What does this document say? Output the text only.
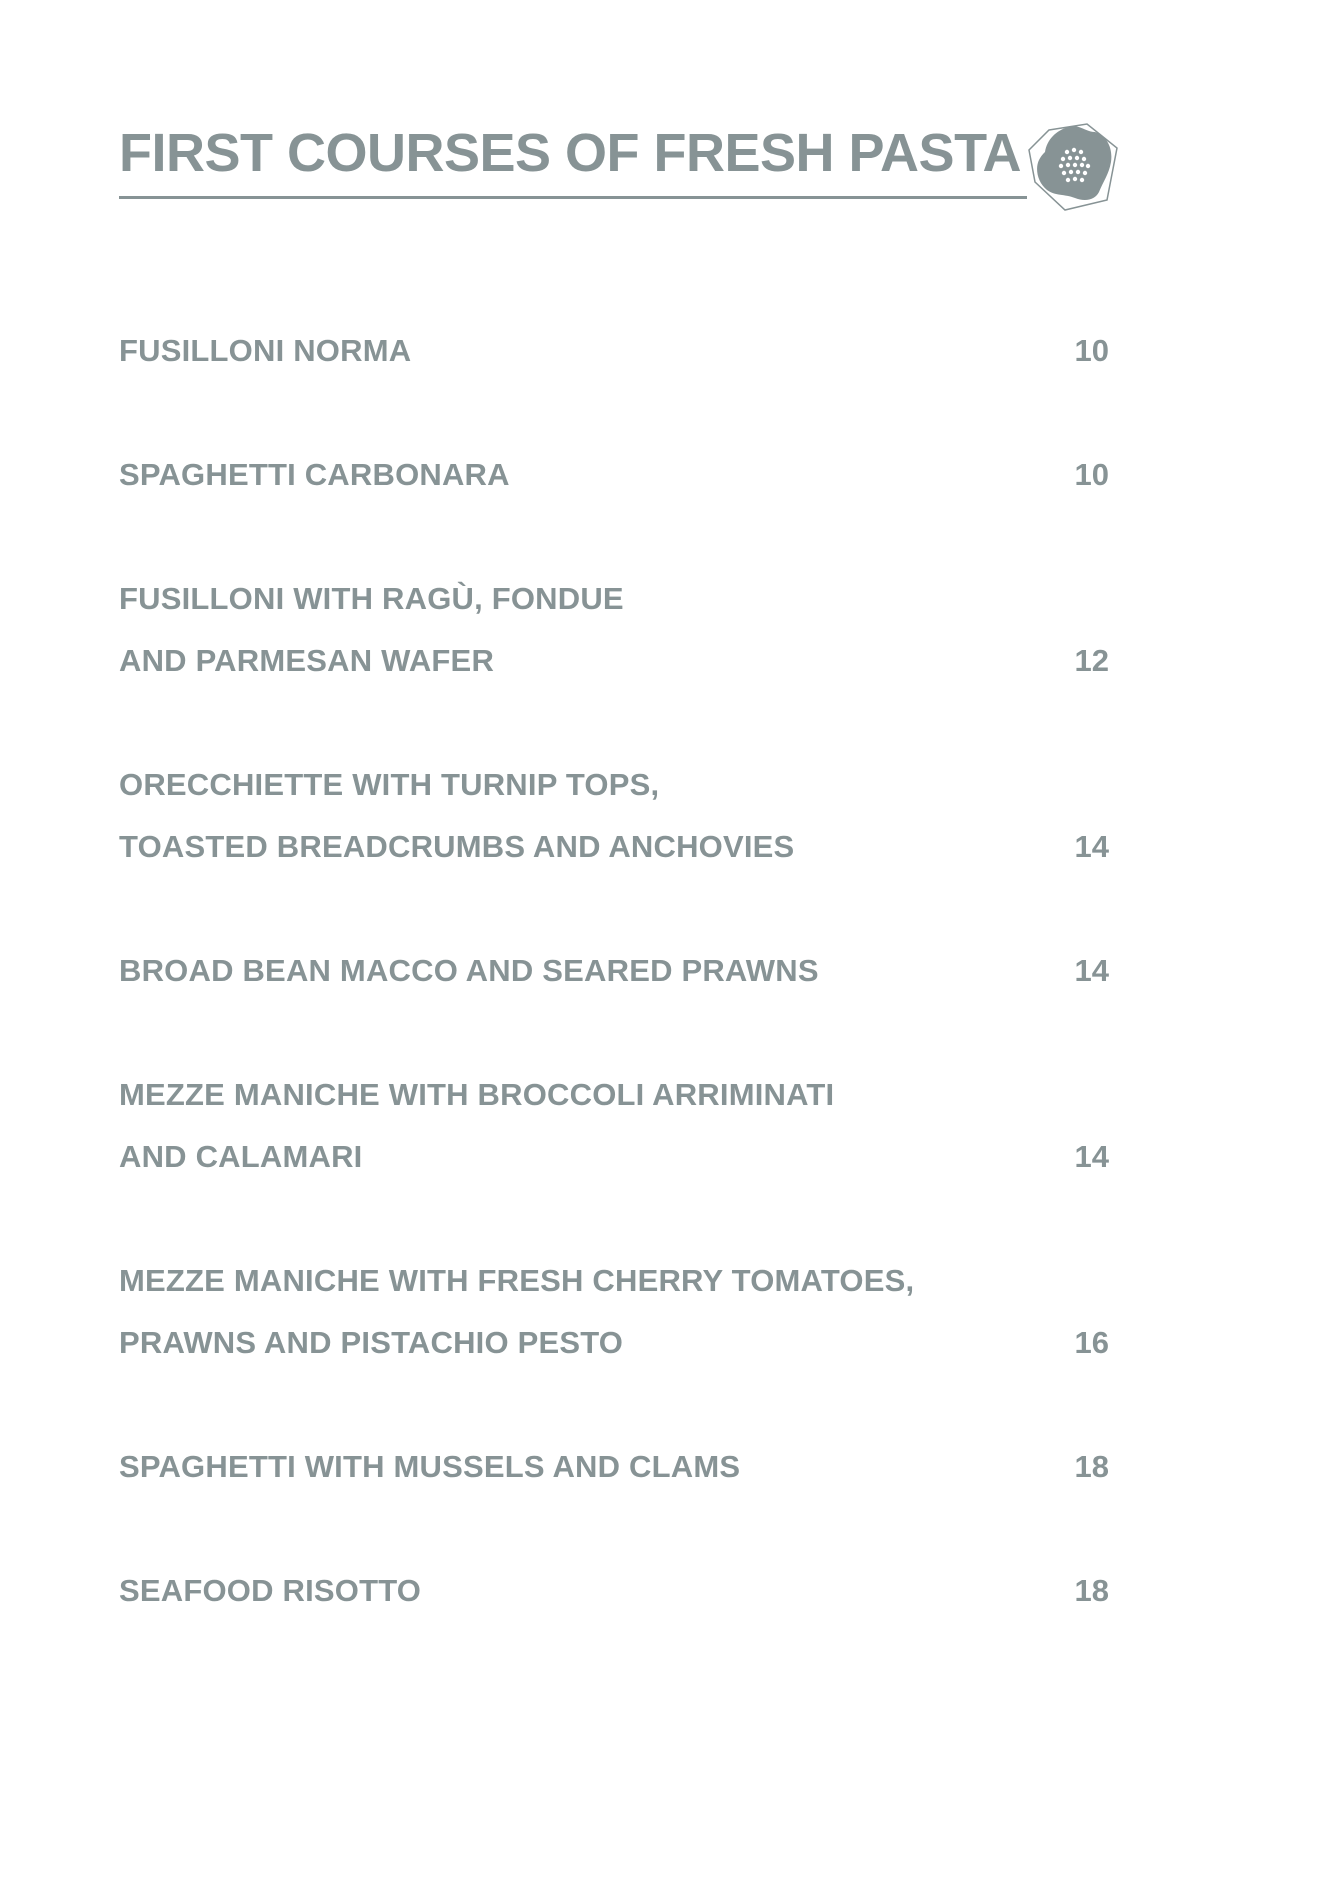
FIRST COURSES OF FRESH PASTA
FUSILLONI NORMA	10
SPAGHETTI CARBONARA	10
FUSILLONI WITH RAGÙ, FONDUE
AND PARMESAN WAFER	12
ORECCHIETTE WITH TURNIP TOPS,
TOASTED BREADCRUMBS AND ANCHOVIES	14
BROAD BEAN MACCO AND SEARED PRAWNS	14
MEZZE MANICHE WITH BROCCOLI ARRIMINATI
AND CALAMARI	14
MEZZE MANICHE WITH FRESH CHERRY TOMATOES,
PRAWNS AND PISTACHIO PESTO	16
SPAGHETTI WITH MUSSELS AND CLAMS	18
SEAFOOD RISOTTO	18
